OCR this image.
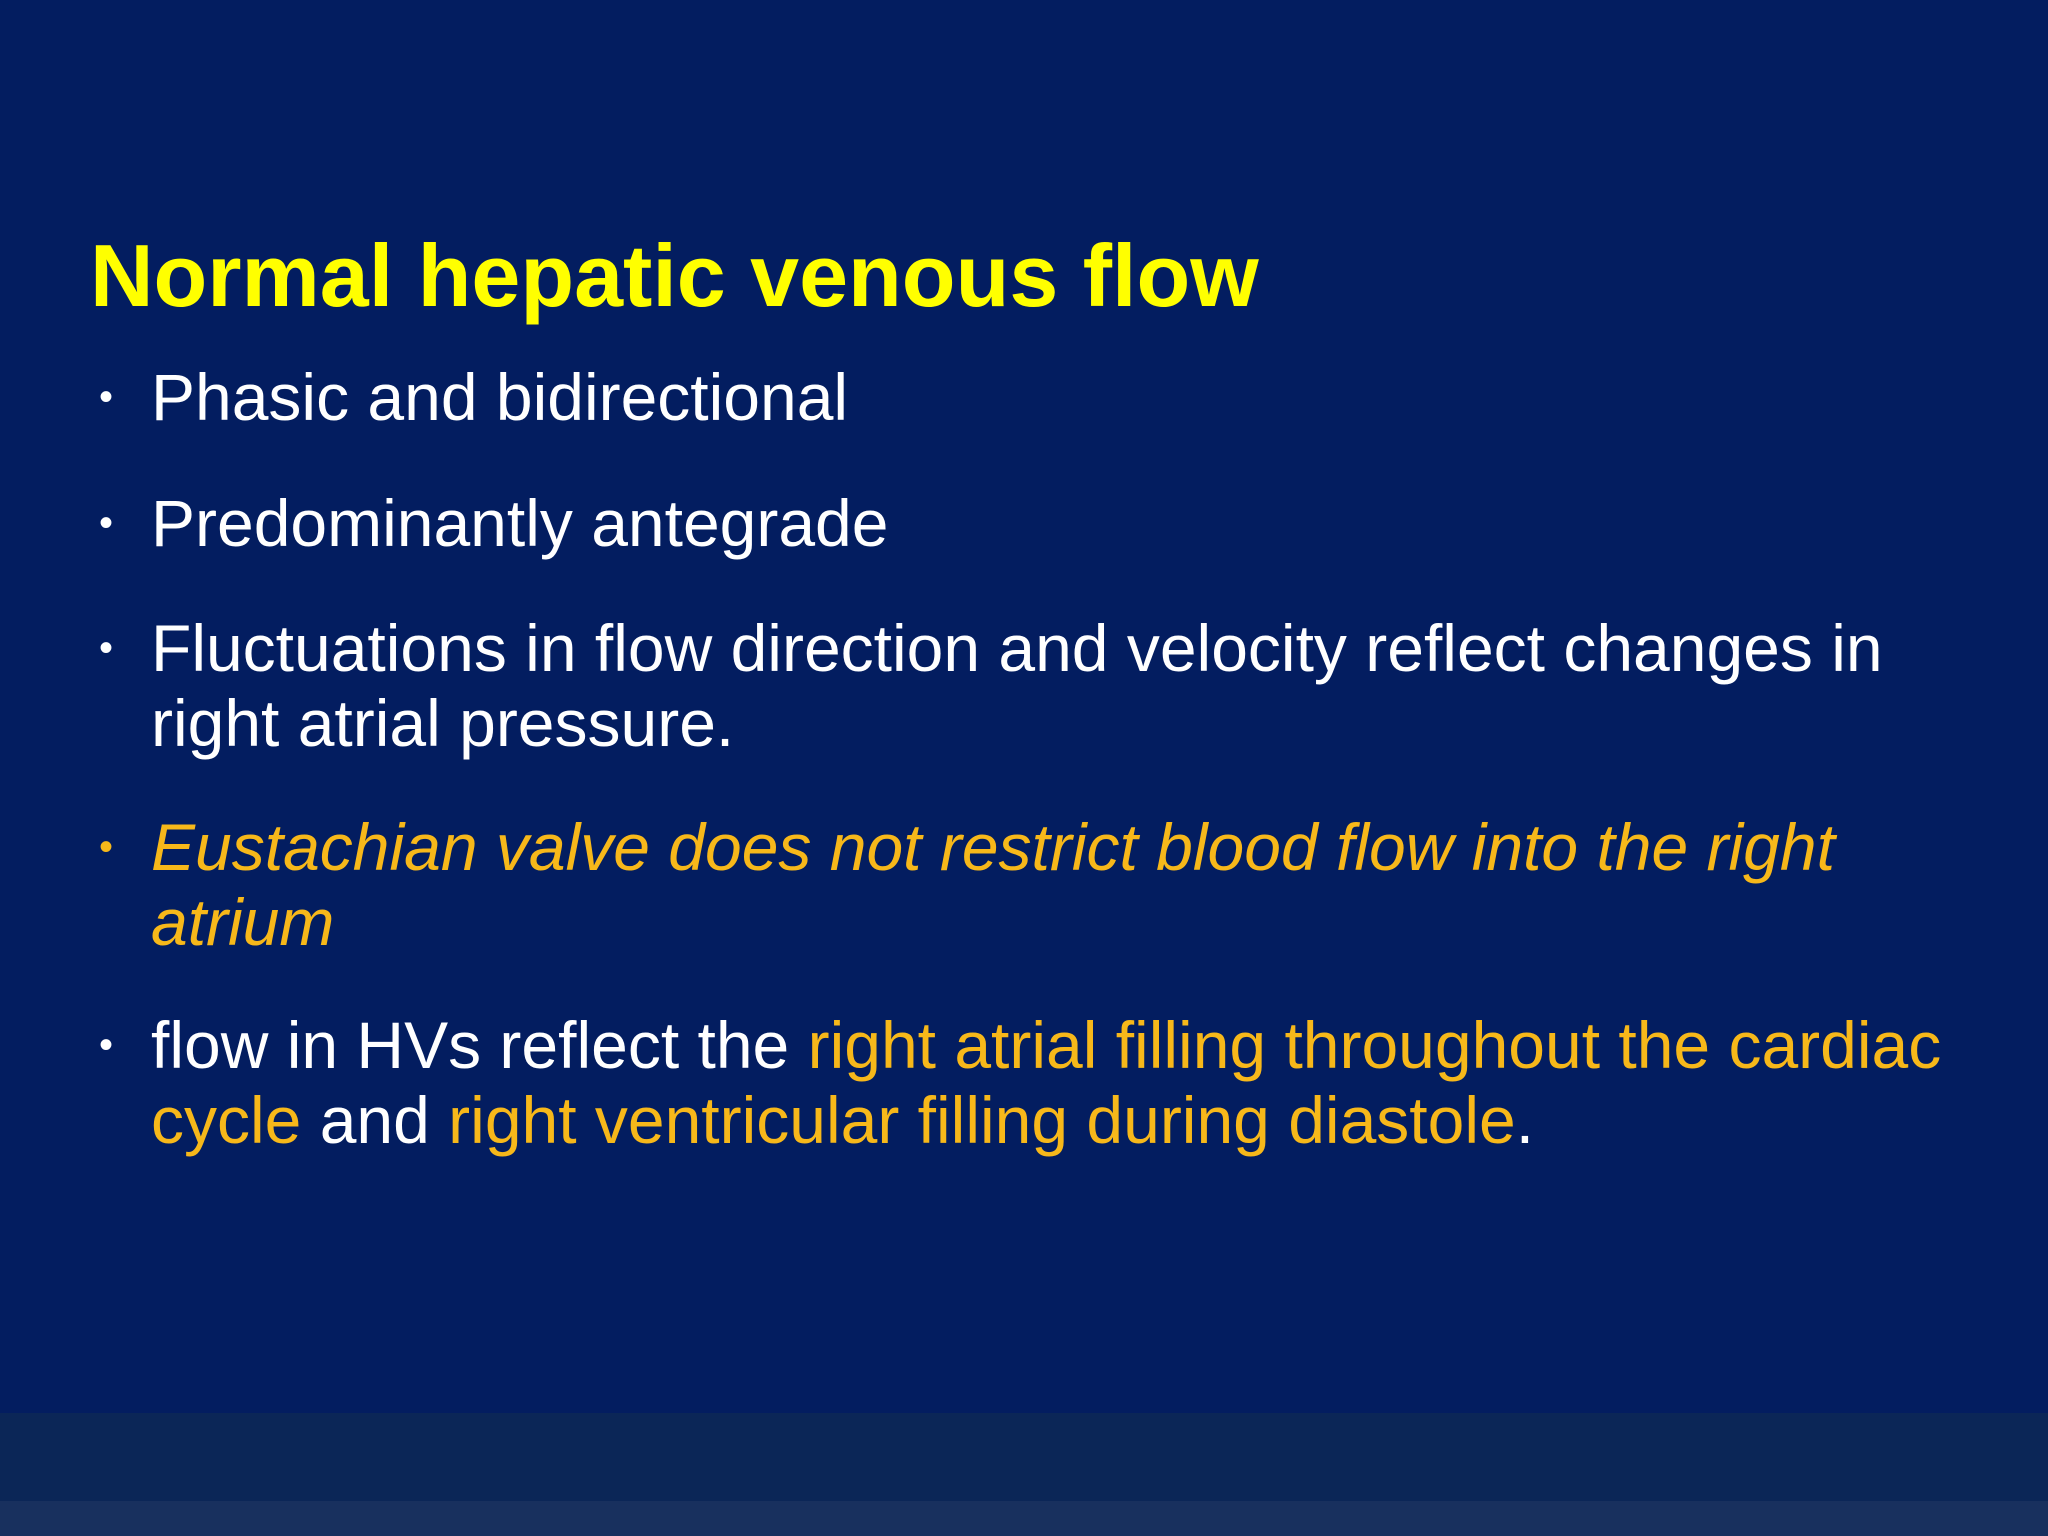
Normal hepatic venous flow
• Phasic and bidirectional
• Predominantly antegrade
• Fluctuations in flow direction and velocity reflect changes in right atrial pressure.
• Eustachian valve does not restrict blood flow into the right atrium
• flow in HVs reflect the right atrial filling throughout the cardiac cycle and right ventricular filling during diastole.
